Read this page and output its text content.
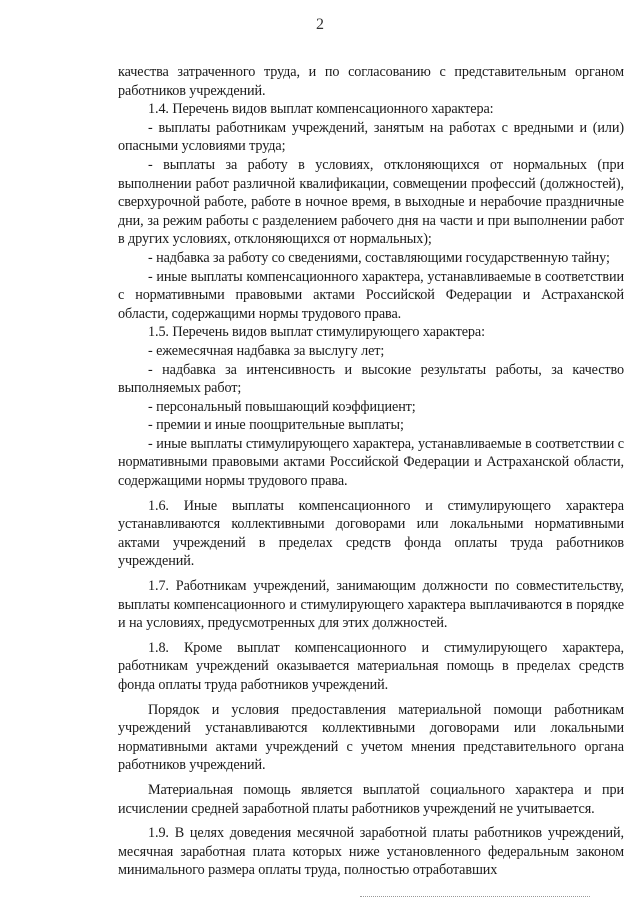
2

качества затраченного труда, и по согласованию с представительным органом работников учреждений.

1.4. Перечень видов выплат компенсационного характера:

- выплаты работникам учреждений, занятым на работах с вредными и (или) опасными условиями труда;

- выплаты за работу в условиях, отклоняющихся от нормальных (при выполнении работ различной квалификации, совмещении профессий (должностей), сверхурочной работе, работе в ночное время, в выходные и нерабочие праздничные дни, за режим работы с разделением рабочего дня на части и при выполнении работ в других условиях, отклоняющихся от нормальных);

- надбавка за работу со сведениями, составляющими государственную тайну;

- иные выплаты компенсационного характера, устанавливаемые в соответствии с нормативными правовыми актами Российской Федерации и Астраханской области, содержащими нормы трудового права.

1.5. Перечень видов выплат стимулирующего характера:

- ежемесячная надбавка за выслугу лет;

- надбавка за интенсивность и высокие результаты работы, за качество выполняемых работ;

- персональный повышающий коэффициент;

- премии и иные поощрительные выплаты;

- иные выплаты стимулирующего характера, устанавливаемые в соответствии с нормативными правовыми актами Российской Федерации и Астраханской области, содержащими нормы трудового права.

1.6. Иные выплаты компенсационного и стимулирующего характера устанавливаются коллективными договорами или локальными нормативными актами учреждений в пределах средств фонда оплаты труда работников учреждений.

1.7. Работникам учреждений, занимающим должности по совместительству, выплаты компенсационного и стимулирующего характера выплачиваются в порядке и на условиях, предусмотренных для этих должностей.

1.8. Кроме выплат компенсационного и стимулирующего характера, работникам учреждений оказывается материальная помощь в пределах средств фонда оплаты труда работников учреждений.

Порядок и условия предоставления материальной помощи работникам учреждений устанавливаются коллективными договорами или локальными нормативными актами учреждений с учетом мнения представительного органа работников учреждений.

Материальная помощь является выплатой социального характера и при исчислении средней заработной платы работников учреждений не учитывается.

1.9. В целях доведения месячной заработной платы работников учреждений, месячная заработная плата которых ниже установленного федеральным законом минимального размера оплаты труда, полностью отработавших
